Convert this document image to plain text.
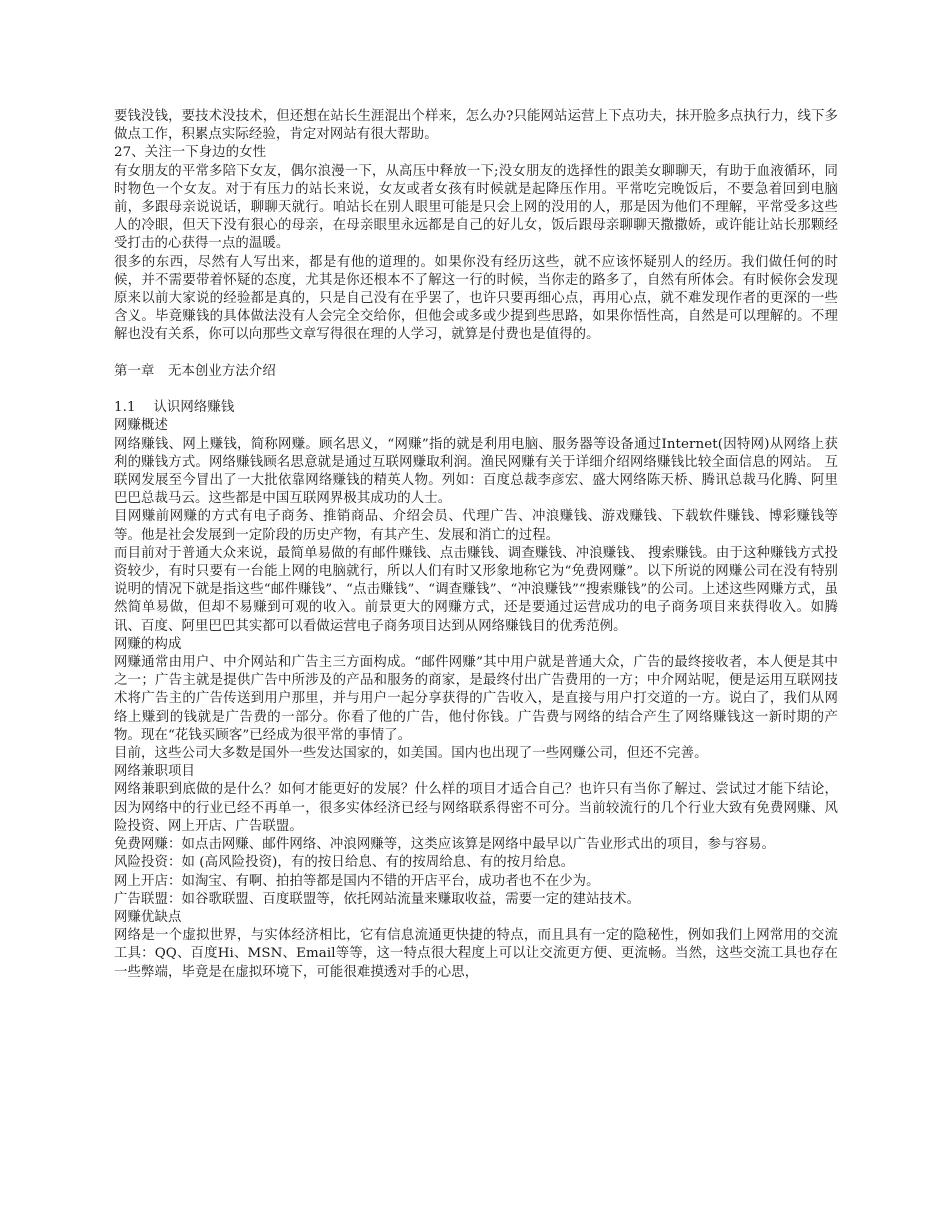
要钱没钱，要技术没技术，但还想在站长生涯混出个样来，怎么办?只能网站运营上下点功夫，抹开脸多点执行力，线下多做点工作，积累点实际经验，肯定对网站有很大帮助。

27、关注一下身边的女性

有女朋友的平常多陪下女友，偶尔浪漫一下，从高压中释放一下;没女朋友的选择性的跟美女聊聊天，有助于血液循环，同时物色一个女友。对于有压力的站长来说，女友或者女孩有时候就是起降压作用。平常吃完晚饭后，不要急着回到电脑前，多跟母亲说说话，聊聊天就行。咱站长在别人眼里可能是只会上网的没用的人，那是因为他们不理解，平常受多这些人的冷眼，但天下没有狠心的母亲，在母亲眼里永远都是自己的好儿女，饭后跟母亲聊聊天撒撒娇，或许能让站长那颗经受打击的心获得一点的温暖。

很多的东西，尽然有人写出来，都是有他的道理的。如果你没有经历这些，就不应该怀疑别人的经历。我们做任何的时候，并不需要带着怀疑的态度，尤其是你还根本不了解这一行的时候，当你走的路多了，自然有所体会。有时候你会发现原来以前大家说的经验都是真的，只是自己没有在乎罢了，也许只要再细心点，再用心点，就不难发现作者的更深的一些含义。毕竟赚钱的具体做法没有人会完全交给你，但他会或多或少提到些思路，如果你悟性高，自然是可以理解的。不理解也没有关系，你可以向那些文章写得很在理的人学习，就算是付费也是值得的。

第一章　无本创业方法介绍

1.1　 认识网络赚钱

网赚概述

网络赚钱、网上赚钱，简称网赚。顾名思义，“网赚”指的就是利用电脑、服务器等设备通过Internet(因特网)从网络上获利的赚钱方式。网络赚钱顾名思意就是通过互联网赚取利润。渔民网赚有关于详细介绍网络赚钱比较全面信息的网站。 互联网发展至今冒出了一大批依靠网络赚钱的精英人物。列如：百度总裁李彦宏、盛大网络陈天桥、腾讯总裁马化腾、阿里巴巴总裁马云。这些都是中国互联网界极其成功的人士。

目网赚前网赚的方式有电子商务、推销商品、介绍会员、代理广告、冲浪赚钱、游戏赚钱、下载软件赚钱、博彩赚钱等等。他是社会发展到一定阶段的历史产物，有其产生、发展和消亡的过程。

而目前对于普通大众来说，最简单易做的有邮件赚钱、点击赚钱、调查赚钱、冲浪赚钱、 搜索赚钱。由于这种赚钱方式投资较少，有时只要有一台能上网的电脑就行，所以人们有时又形象地称它为“免费网赚”。以下所说的网赚公司在没有特别说明的情况下就是指这些“邮件赚钱”、“点击赚钱”、“调查赚钱”、“冲浪赚钱”“搜索赚钱”的公司。上述这些网赚方式，虽然简单易做，但却不易赚到可观的收入。前景更大的网赚方式，还是要通过运营成功的电子商务项目来获得收入。如腾讯、百度、阿里巴巴其实都可以看做运营电子商务项目达到从网络赚钱目的优秀范例。

网赚的构成

网赚通常由用户、中介网站和广告主三方面构成。“邮件网赚”其中用户就是普通大众，广告的最终接收者，本人便是其中之一；广告主就是提供广告中所涉及的产品和服务的商家，是最终付出广告费用的一方；中介网站呢，便是运用互联网技术将广告主的广告传送到用户那里，并与用户一起分享获得的广告收入，是直接与用户打交道的一方。说白了，我们从网络上赚到的钱就是广告费的一部分。你看了他的广告，他付你钱。广告费与网络的结合产生了网络赚钱这一新时期的产物。现在“花钱买顾客”已经成为很平常的事情了。

目前，这些公司大多数是国外一些发达国家的，如美国。国内也出现了一些网赚公司，但还不完善。

网络兼职项目

网络兼职到底做的是什么？如何才能更好的发展？什么样的项目才适合自己？也许只有当你了解过、尝试过才能下结论，因为网络中的行业已经不再单一，很多实体经济已经与网络联系得密不可分。当前较流行的几个行业大致有免费网赚、风险投资、网上开店、广告联盟。

免费网赚：如点击网赚、邮件网络、冲浪网赚等，这类应该算是网络中最早以广告业形式出的项目，参与容易。

风险投资：如 (高风险投资)，有的按日给息、有的按周给息、有的按月给息。

网上开店：如淘宝、有啊、拍拍等都是国内不错的开店平台，成功者也不在少为。

广告联盟：如谷歌联盟、百度联盟等，依托网站流量来赚取收益，需要一定的建站技术。

网赚优缺点

网络是一个虚拟世界，与实体经济相比，它有信息流通更快捷的特点，而且具有一定的隐秘性，例如我们上网常用的交流工具：QQ、百度Hi、MSN、Email等等，这一特点很大程度上可以让交流更方便、更流畅。当然，这些交流工具也存在一些弊端，毕竟是在虚拟环境下，可能很难摸透对手的心思，
